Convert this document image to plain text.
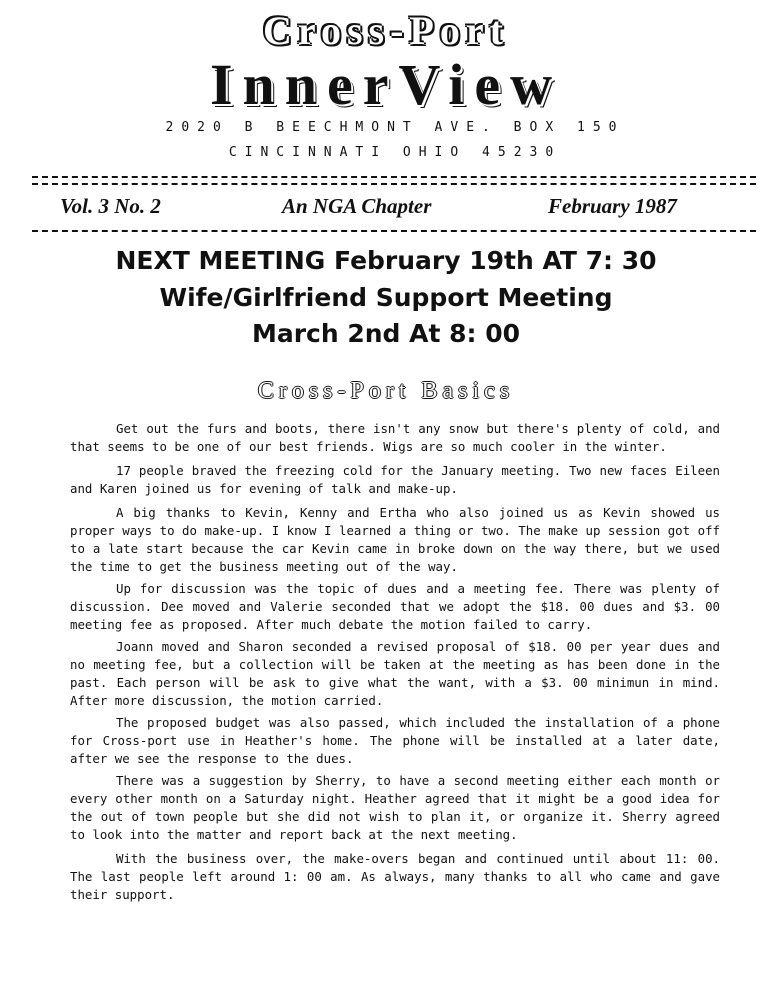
Cross-Port
InnerView
2020 B BEECHMONT AVE. BOX 150
CINCINNATI OHIO 45230
Vol. 3 No. 2	An NGA Chapter	February 1987
NEXT MEETING February 19th AT 7: 30
Wife/Girlfriend Support Meeting
March 2nd At 8: 00
Cross-Port Basics

Get out the furs and boots, there isn't any snow but there's plenty of cold, and that seems to be one of our best friends. Wigs are so much cooler in the winter.

17 people braved the freezing cold for the January meeting. Two new faces Eileen and Karen joined us for evening of talk and make-up.

A big thanks to Kevin, Kenny and Ertha who also joined us as Kevin showed us proper ways to do make-up. I know I learned a thing or two. The make up session got off to a late start because the car Kevin came in broke down on the way there, but we used the time to get the business meeting out of the way.

Up for discussion was the topic of dues and a meeting fee. There was plenty of discussion. Dee moved and Valerie seconded that we adopt the $18. 00 dues and $3. 00 meeting fee as proposed. After much debate the motion failed to carry.

Joann moved and Sharon seconded a revised proposal of $18. 00 per year dues and no meeting fee, but a collection will be taken at the meeting as has been done in the past. Each person will be ask to give what the want, with a $3. 00 minimun in mind. After more discussion, the motion carried.

The proposed budget was also passed, which included the installation of a phone for Cross-port use in Heather's home. The phone will be installed at a later date, after we see the response to the dues.

There was a suggestion by Sherry, to have a second meeting either each month or every other month on a Saturday night. Heather agreed that it might be a good idea for the out of town people but she did not wish to plan it, or organize it. Sherry agreed to look into the matter and report back at the next meeting.

With the business over, the make-overs began and continued until about 11: 00. The last people left around 1: 00 am. As always, many thanks to all who came and gave their support.
